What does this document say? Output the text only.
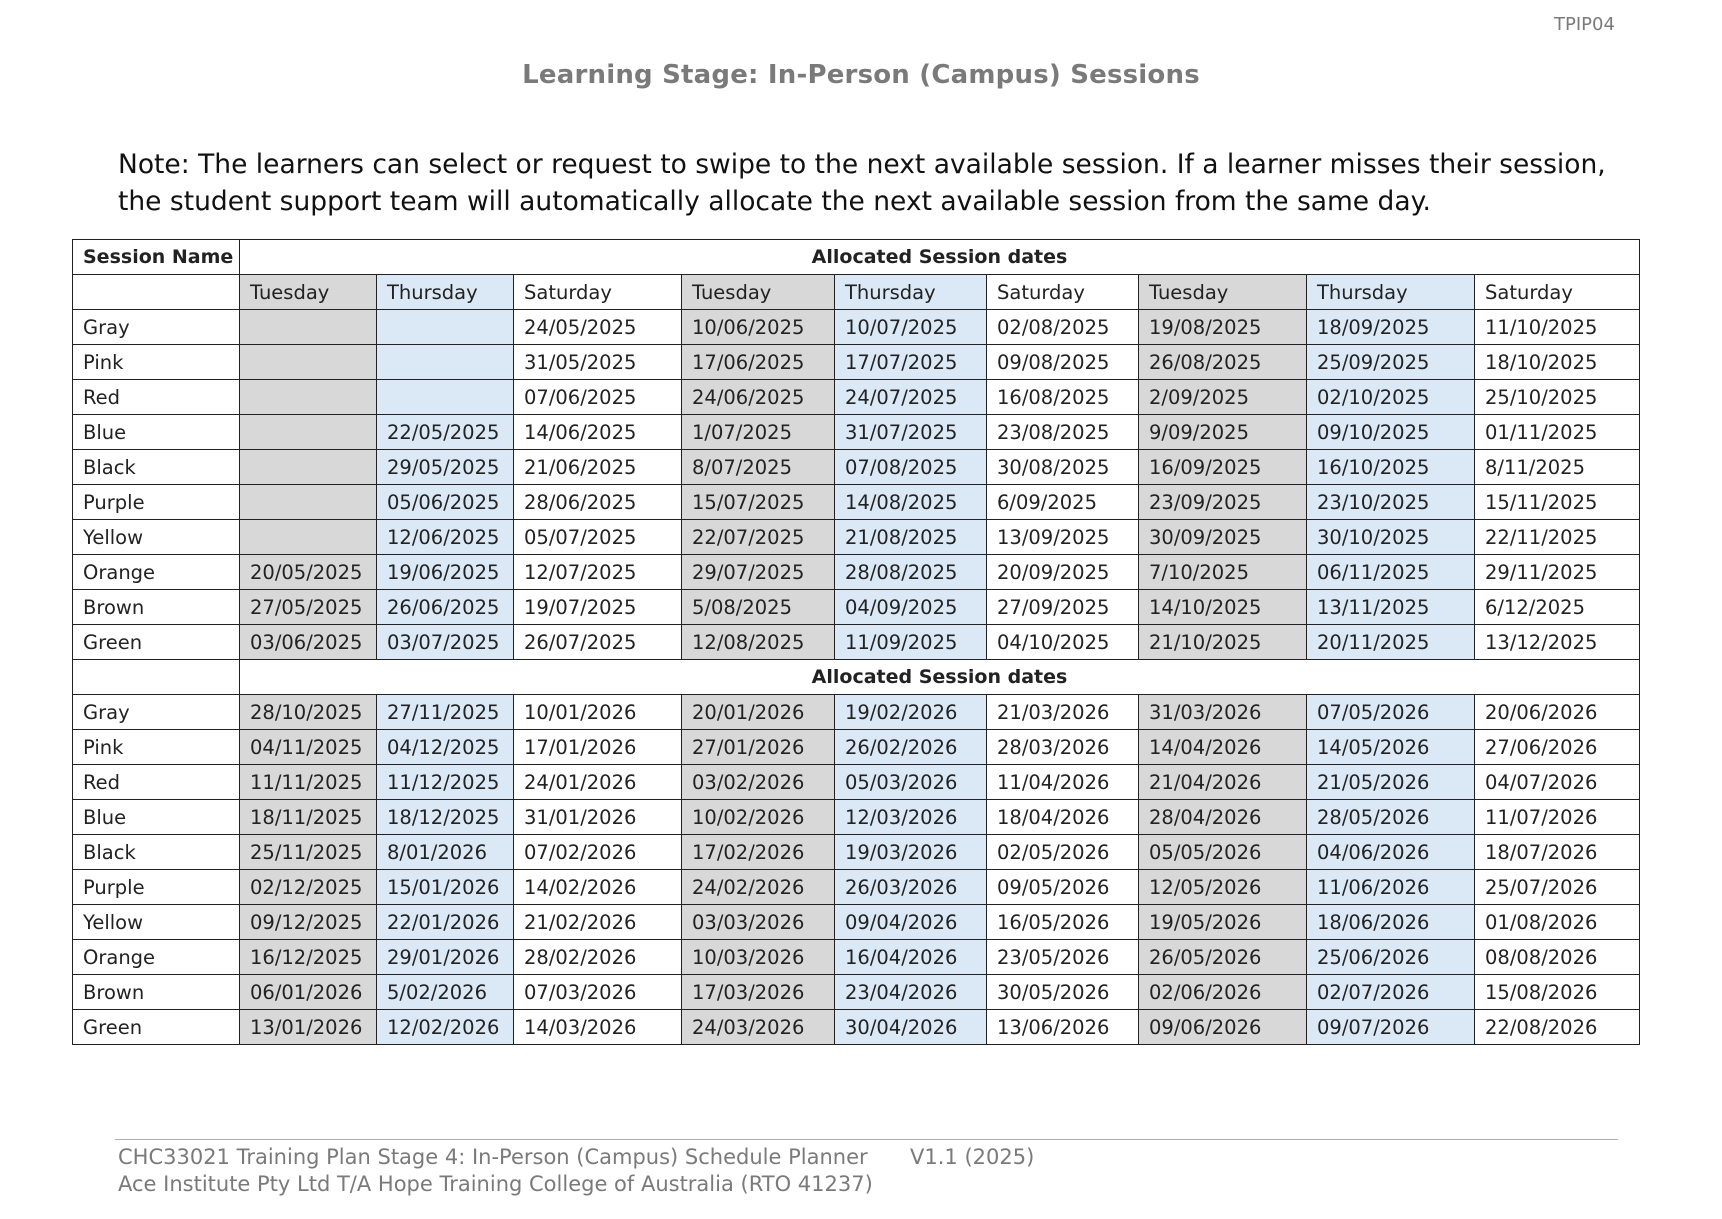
TPIP04
Learning Stage: In-Person (Campus) Sessions
Note: The learners can select or request to swipe to the next available session. If a learner misses their session, the student support team will automatically allocate the next available session from the same day.
Session Name	Allocated Session dates								
	Tuesday	Thursday	Saturday	Tuesday	Thursday	Saturday	Tuesday	Thursday	Saturday
Gray			24/05/2025	10/06/2025	10/07/2025	02/08/2025	19/08/2025	18/09/2025	11/10/2025
Pink			31/05/2025	17/06/2025	17/07/2025	09/08/2025	26/08/2025	25/09/2025	18/10/2025
Red			07/06/2025	24/06/2025	24/07/2025	16/08/2025	2/09/2025	02/10/2025	25/10/2025
Blue		22/05/2025	14/06/2025	1/07/2025	31/07/2025	23/08/2025	9/09/2025	09/10/2025	01/11/2025
Black		29/05/2025	21/06/2025	8/07/2025	07/08/2025	30/08/2025	16/09/2025	16/10/2025	8/11/2025
Purple		05/06/2025	28/06/2025	15/07/2025	14/08/2025	6/09/2025	23/09/2025	23/10/2025	15/11/2025
Yellow		12/06/2025	05/07/2025	22/07/2025	21/08/2025	13/09/2025	30/09/2025	30/10/2025	22/11/2025
Orange	20/05/2025	19/06/2025	12/07/2025	29/07/2025	28/08/2025	20/09/2025	7/10/2025	06/11/2025	29/11/2025
Brown	27/05/2025	26/06/2025	19/07/2025	5/08/2025	04/09/2025	27/09/2025	14/10/2025	13/11/2025	6/12/2025
Green	03/06/2025	03/07/2025	26/07/2025	12/08/2025	11/09/2025	04/10/2025	21/10/2025	20/11/2025	13/12/2025
	Allocated Session dates								
Gray	28/10/2025	27/11/2025	10/01/2026	20/01/2026	19/02/2026	21/03/2026	31/03/2026	07/05/2026	20/06/2026
Pink	04/11/2025	04/12/2025	17/01/2026	27/01/2026	26/02/2026	28/03/2026	14/04/2026	14/05/2026	27/06/2026
Red	11/11/2025	11/12/2025	24/01/2026	03/02/2026	05/03/2026	11/04/2026	21/04/2026	21/05/2026	04/07/2026
Blue	18/11/2025	18/12/2025	31/01/2026	10/02/2026	12/03/2026	18/04/2026	28/04/2026	28/05/2026	11/07/2026
Black	25/11/2025	8/01/2026	07/02/2026	17/02/2026	19/03/2026	02/05/2026	05/05/2026	04/06/2026	18/07/2026
Purple	02/12/2025	15/01/2026	14/02/2026	24/02/2026	26/03/2026	09/05/2026	12/05/2026	11/06/2026	25/07/2026
Yellow	09/12/2025	22/01/2026	21/02/2026	03/03/2026	09/04/2026	16/05/2026	19/05/2026	18/06/2026	01/08/2026
Orange	16/12/2025	29/01/2026	28/02/2026	10/03/2026	16/04/2026	23/05/2026	26/05/2026	25/06/2026	08/08/2026
Brown	06/01/2026	5/02/2026	07/03/2026	17/03/2026	23/04/2026	30/05/2026	02/06/2026	02/07/2026	15/08/2026
Green	13/01/2026	12/02/2026	14/03/2026	24/03/2026	30/04/2026	13/06/2026	09/06/2026	09/07/2026	22/08/2026
CHC33021 Training Plan Stage 4: In-Person (Campus) Schedule Planner V1.1 (2025)
Ace Institute Pty Ltd T/A Hope Training College of Australia (RTO 41237)
